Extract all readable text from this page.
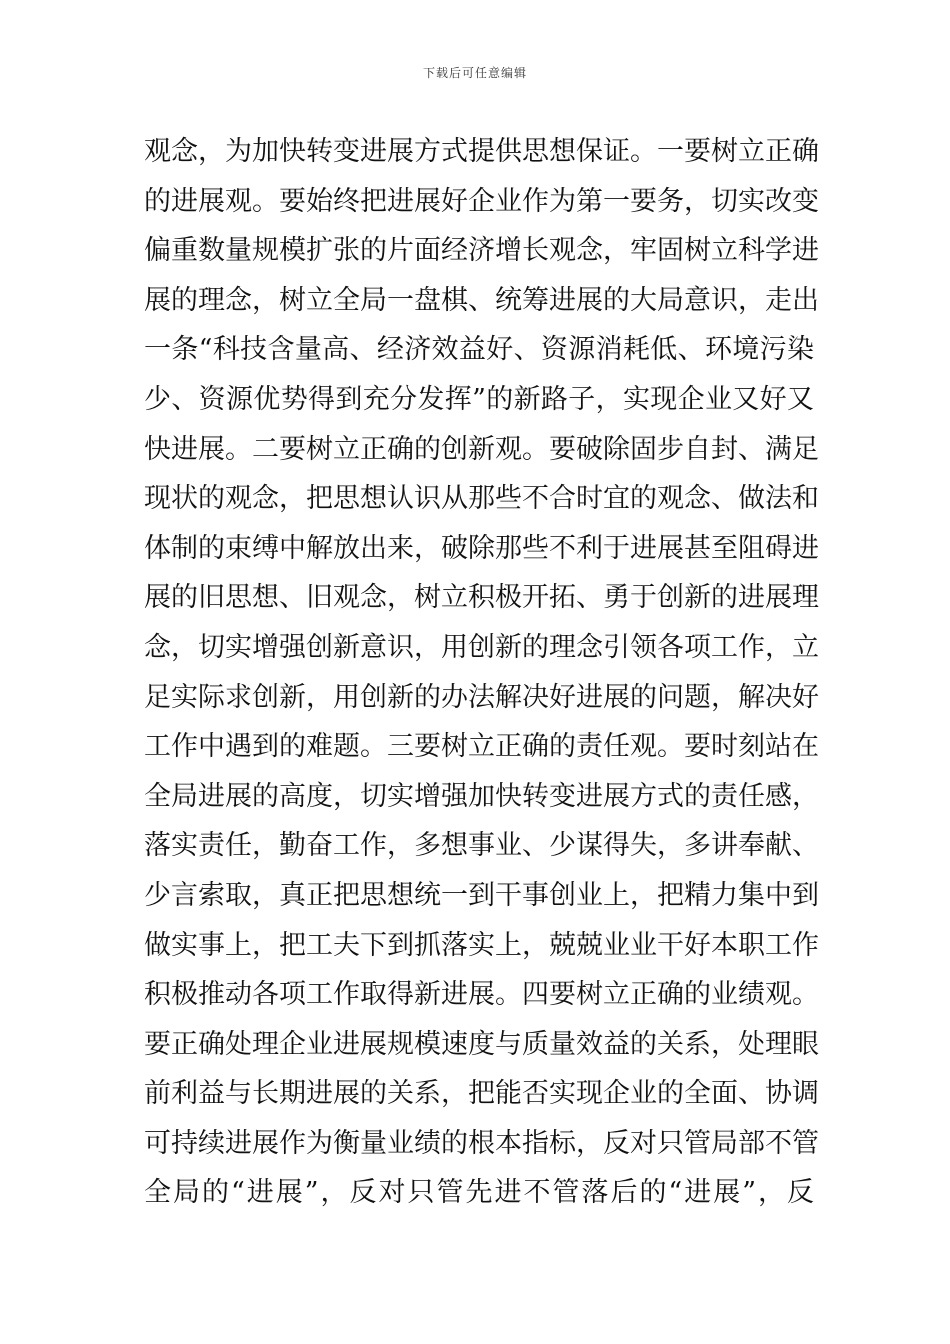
下载后可任意编辑
观念，为加快转变进展方式提供思想保证。一要树立正确
的进展观。要始终把进展好企业作为第一要务，切实改变
偏重数量规模扩张的片面经济增长观念，牢固树立科学进
展的理念，树立全局一盘棋、统筹进展的大局意识，走出
一条“科技含量高、经济效益好、资源消耗低、环境污染
少、资源优势得到充分发挥”的新路子，实现企业又好又
快进展。二要树立正确的创新观。要破除固步自封、满足
现状的观念，把思想认识从那些不合时宜的观念、做法和
体制的束缚中解放出来，破除那些不利于进展甚至阻碍进
展的旧思想、旧观念，树立积极开拓、勇于创新的进展理
念，切实增强创新意识，用创新的理念引领各项工作，立
足实际求创新，用创新的办法解决好进展的问题，解决好
工作中遇到的难题。三要树立正确的责任观。要时刻站在
全局进展的高度，切实增强加快转变进展方式的责任感，
落实责任，勤奋工作，多想事业、少谋得失，多讲奉献、
少言索取，真正把思想统一到干事创业上，把精力集中到
做实事上，把工夫下到抓落实上，兢兢业业干好本职工作
积极推动各项工作取得新进展。四要树立正确的业绩观。
要正确处理企业进展规模速度与质量效益的关系，处理眼
前利益与长期进展的关系，把能否实现企业的全面、协调
可持续进展作为衡量业绩的根本指标，反对只管局部不管
全局的“进展”，反对只管先进不管落后的“进展”，反
